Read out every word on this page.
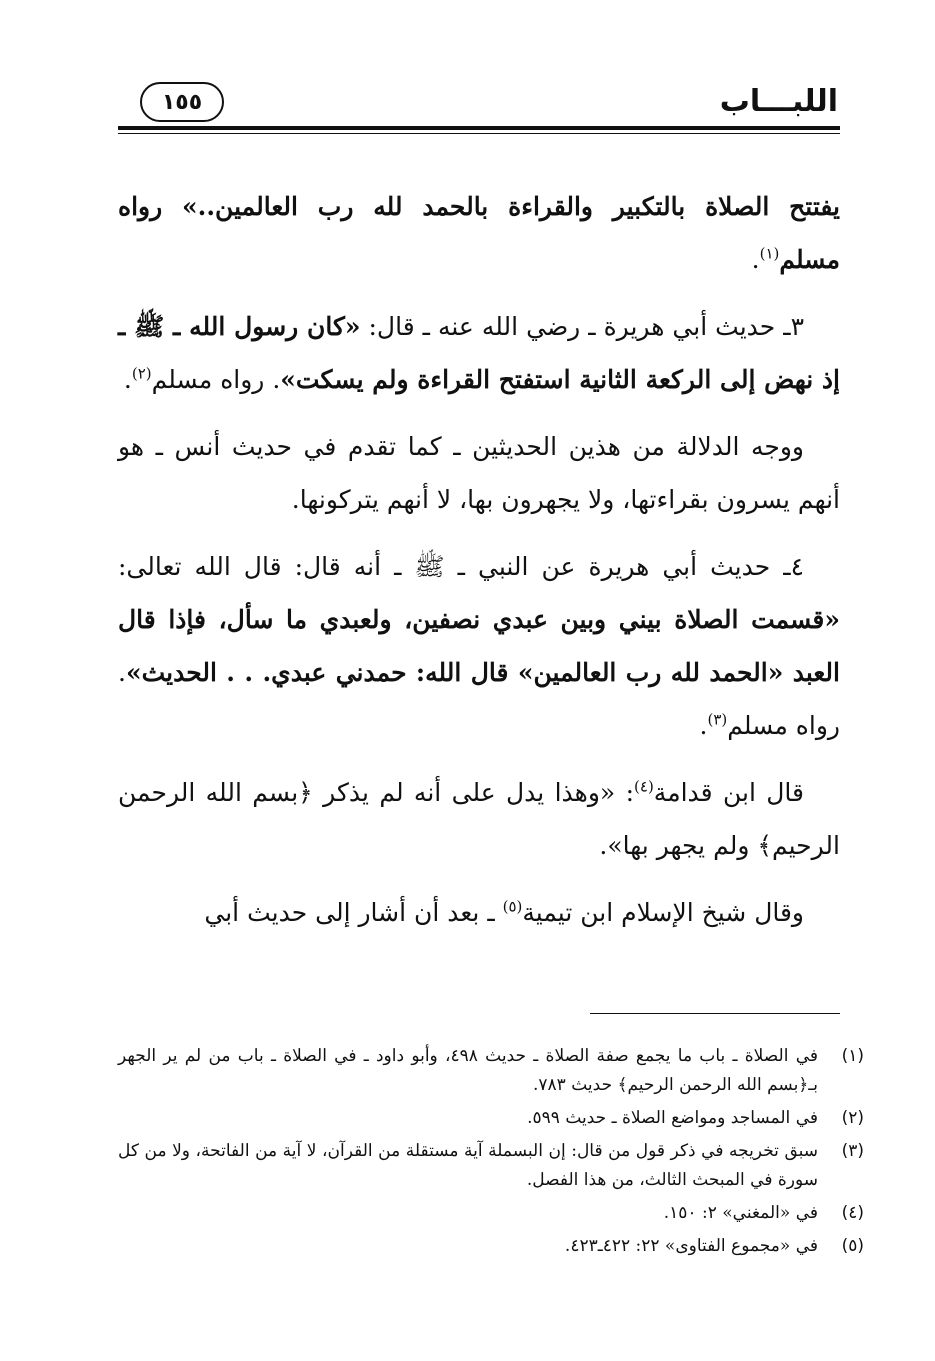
اللبـــاب
١٥٥

يفتتح الصلاة بالتكبير والقراءة بالحمد لله رب العالمين..» رواه مسلم$^{(١)}$.

٣ـ حديث أبي هريرة ـ رضي الله عنه ـ قال: «كان رسول الله ـ ﷺ ـ إذ نهض إلى الركعة الثانية استفتح القراءة ولم يسكت». رواه مسلم$^{(٢)}$.

ووجه الدلالة من هذين الحديثين ـ كما تقدم في حديث أنس ـ هو أنهم يسرون بقراءتها، ولا يجهرون بها، لا أنهم يتركونها.

٤ـ حديث أبي هريرة عن النبي ـ ﷺ ـ أنه قال: قال الله تعالى: «قسمت الصلاة بيني وبين عبدي نصفين، ولعبدي ما سأل، فإذا قال العبد «الحمد لله رب العالمين» قال الله: حمدني عبدي. . . الحديث». رواه مسلم$^{(٣)}$.

قال ابن قدامة$^{(٤)}$: «وهذا يدل على أنه لم يذكر ﴿بسم الله الرحمن الرحيم﴾ ولم يجهر بها».

وقال شيخ الإسلام ابن تيمية$^{(٥)}$ ـ بعد أن أشار إلى حديث أبي

(١)
في الصلاة ـ باب ما يجمع صفة الصلاة ـ حديث ٤٩٨، وأبو داود ـ في الصلاة ـ باب من لم ير الجهر بـ﴿بسم الله الرحمن الرحيم﴾ حديث ٧٨٣.
(٢)
في المساجد ومواضع الصلاة ـ حديث ٥٩٩.
(٣)
سبق تخريجه في ذكر قول من قال: إن البسملة آية مستقلة من القرآن، لا آية من الفاتحة، ولا من كل سورة في المبحث الثالث، من هذا الفصل.
(٤)
في «المغني» ٢: ١٥٠.
(٥)
في «مجموع الفتاوى» ٢٢: ٤٢٢ـ٤٢٣.
